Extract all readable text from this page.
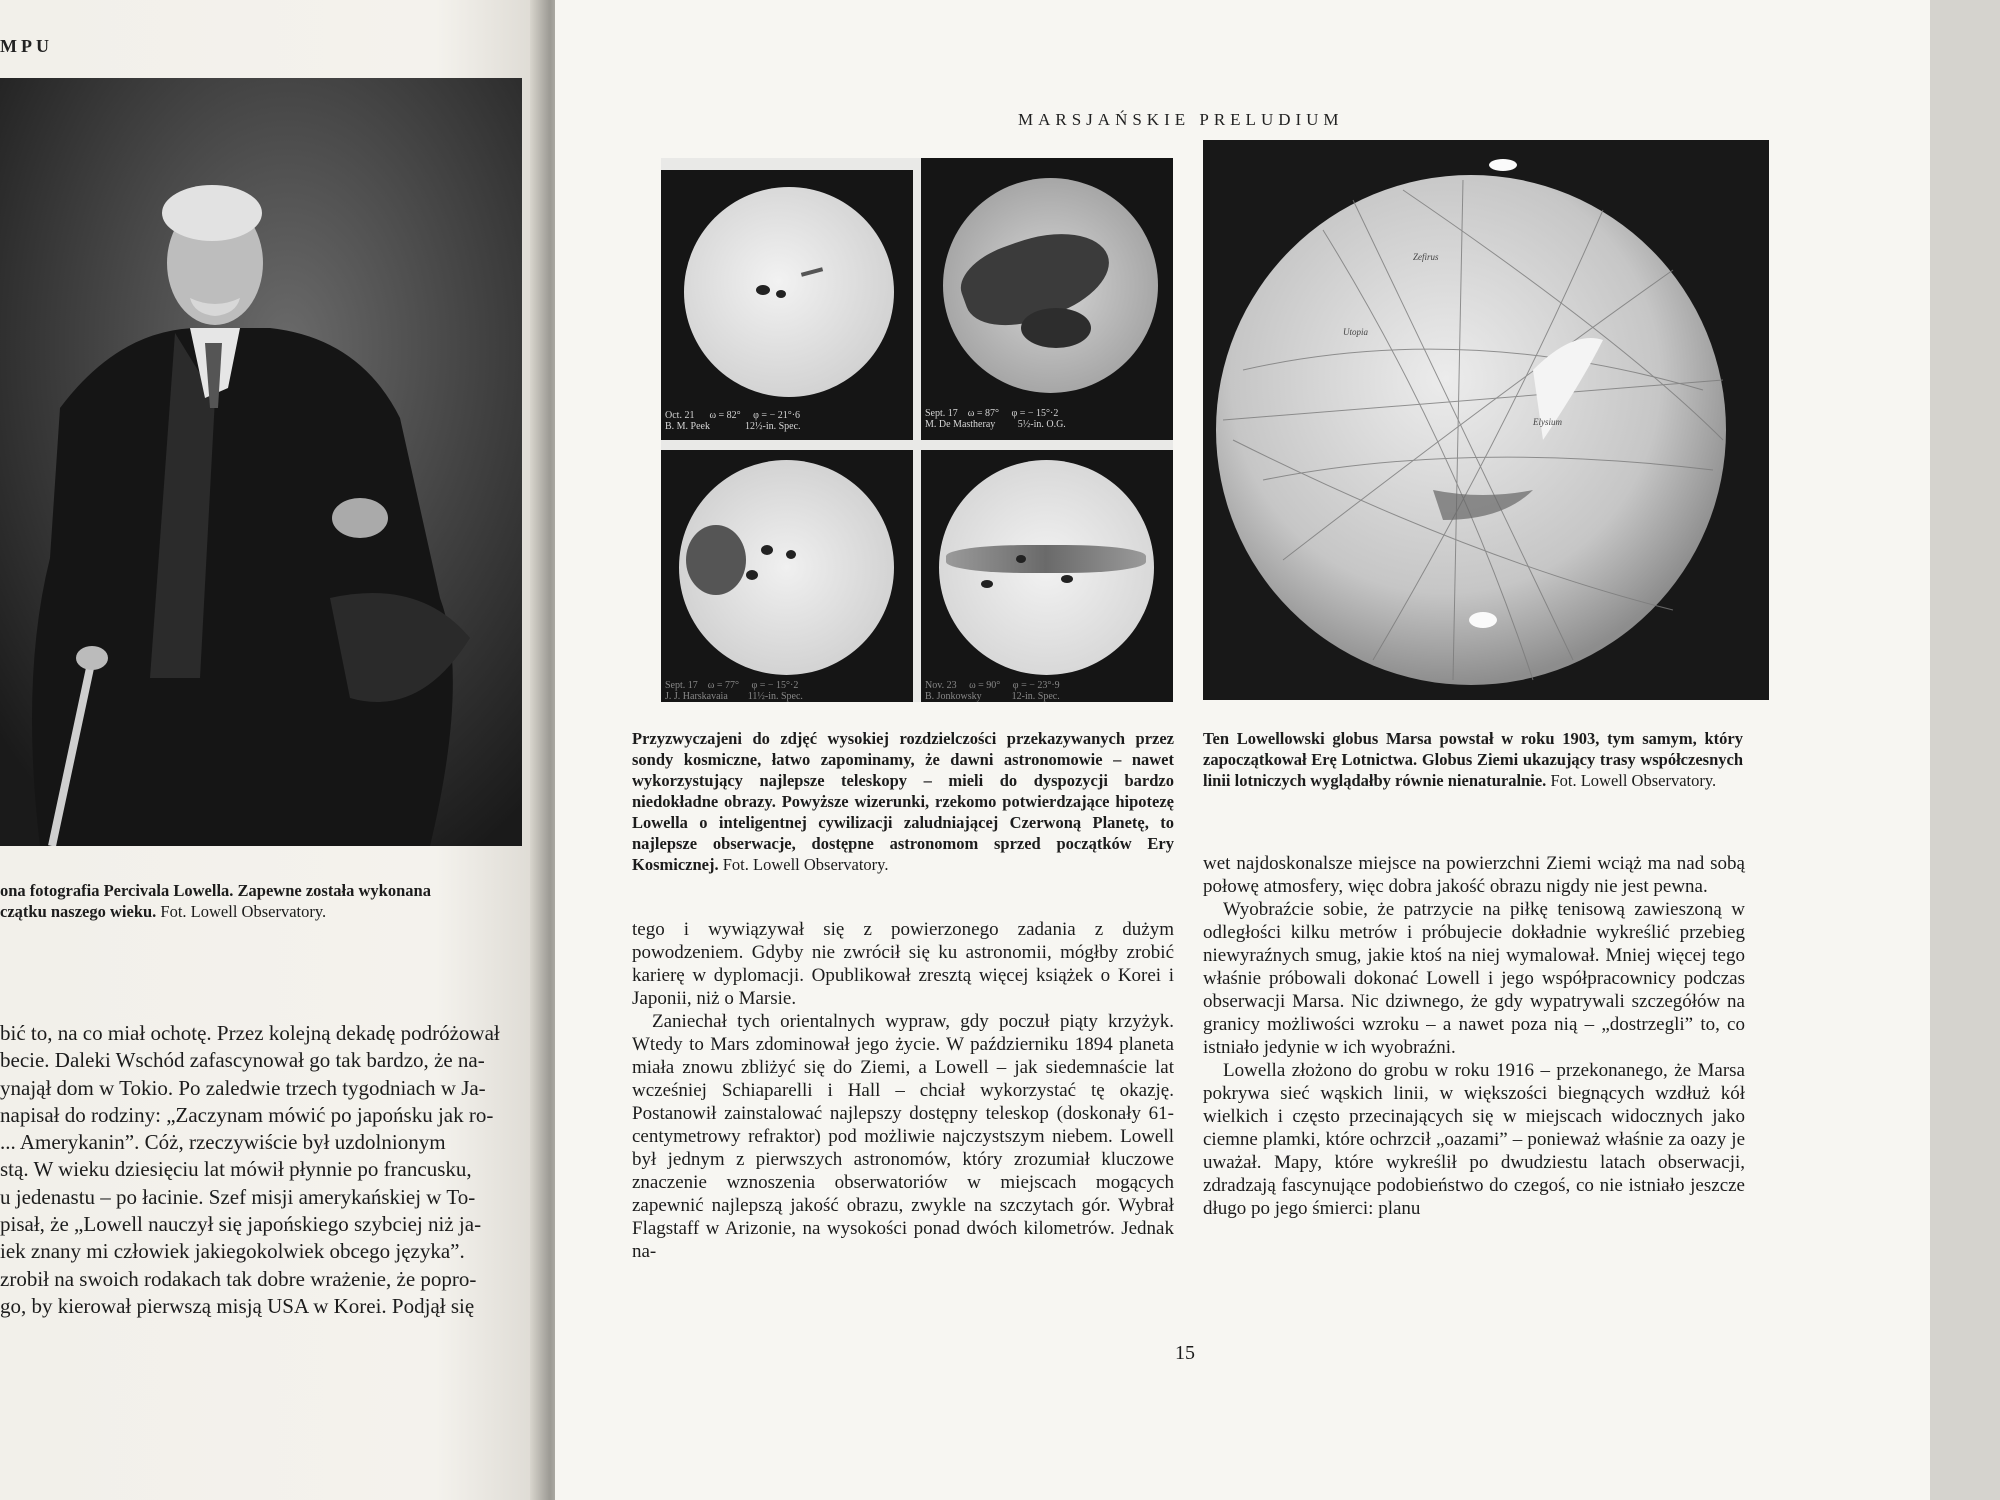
MPU
ona fotografia Percivala Lowella. Zapewne została wykonana
czątku naszego wieku. Fot. Lowell Observatory.
bić to, na co miał ochotę. Przez kolejną dekadę podróżował
becie. Daleki Wschód zafascynował go tak bardzo, że na-
ynajął dom w Tokio. Po zaledwie trzech tygodniach w Ja-
napisał do rodziny: „Zaczynam mówić po japońsku jak ro-
... Amerykanin”. Cóż, rzeczywiście był uzdolnionym
stą. W wieku dziesięciu lat mówił płynnie po francusku,
u jedenastu – po łacinie. Szef misji amerykańskiej w To-
pisał, że „Lowell nauczył się japońskiego szybciej niż ja-
iek znany mi człowiek jakiegokolwiek obcego języka”.
zrobił na swoich rodakach tak dobre wrażenie, że popro-
go, by kierował pierwszą misją USA w Korei. Podjął się
MARSJAŃSKIE PRELUDIUM
Oct. 21      ω = 82°     φ = − 21°·6
B. M. Peek              12½-in. Spec.
Sept. 17    ω = 87°     φ = − 15°·2
M. De Mastheray         5½-in. O.G.
Sept. 17    ω = 77°     φ = − 15°·2
J. J. Harskavaia        11½-in. Spec.
Nov. 23     ω = 90°     φ = − 23°·9
B. Jonkowsky            12-in. Spec.
Elysium
Utopia
Zefirus
Przyzwyczajeni do zdjęć wysokiej rozdzielczości przekazywanych przez sondy kosmiczne, łatwo zapominamy, że dawni astronomowie – nawet wykorzystujący najlepsze teleskopy – mieli do dyspozycji bardzo niedokładne obrazy. Powyższe wizerunki, rzekomo potwierdzające hipotezę Lowella o inteligentnej cywilizacji zaludniającej Czerwoną Planetę, to najlepsze obserwacje, dostępne astronomom sprzed początków Ery Kosmicznej. Fot. Lowell Observatory.
Ten Lowellowski globus Marsa powstał w roku 1903, tym samym, który zapoczątkował Erę Lotnictwa. Globus Ziemi ukazujący trasy współczesnych linii lotniczych wyglądałby równie nienaturalnie. Fot. Lowell Observatory.

tego i wywiązywał się z powierzonego zadania z dużym powodzeniem. Gdyby nie zwrócił się ku astronomii, mógłby zrobić karierę w dyplomacji. Opublikował zresztą więcej książek o Korei i Japonii, niż o Marsie.

Zaniechał tych orientalnych wypraw, gdy poczuł piąty krzyżyk. Wtedy to Mars zdominował jego życie. W październiku 1894 planeta miała znowu zbliżyć się do Ziemi, a Lowell – jak siedemnaście lat wcześniej Schiaparelli i Hall – chciał wykorzystać tę okazję. Postanowił zainstalować najlepszy dostępny teleskop (doskonały 61-centymetrowy refraktor) pod możliwie najczystszym niebem. Lowell był jednym z pierwszych astronomów, który zrozumiał kluczowe znaczenie wznoszenia obserwatoriów w miejscach mogących zapewnić najlepszą jakość obrazu, zwykle na szczytach gór. Wybrał Flagstaff w Arizonie, na wysokości ponad dwóch kilometrów. Jednak na-

wet najdoskonalsze miejsce na powierzchni Ziemi wciąż ma nad sobą połowę atmosfery, więc dobra jakość obrazu nigdy nie jest pewna.

Wyobraźcie sobie, że patrzycie na piłkę tenisową zawieszoną w odległości kilku metrów i próbujecie dokładnie wykreślić przebieg niewyraźnych smug, jakie ktoś na niej wymalował. Mniej więcej tego właśnie próbowali dokonać Lowell i jego współpracownicy podczas obserwacji Marsa. Nic dziwnego, że gdy wypatrywali szczegółów na granicy możliwości wzroku – a nawet poza nią – „dostrzegli” to, co istniało jedynie w ich wyobraźni.

Lowella złożono do grobu w roku 1916 – przekonanego, że Marsa pokrywa sieć wąskich linii, w większości biegnących wzdłuż kół wielkich i często przecinających się w miejscach widocznych jako ciemne plamki, które ochrzcił „oazami” – ponieważ właśnie za oazy je uważał. Mapy, które wykreślił po dwudziestu latach obserwacji, zdradzają fascynujące podobieństwo do czegoś, co nie istniało jeszcze długo po jego śmierci: planu

15
